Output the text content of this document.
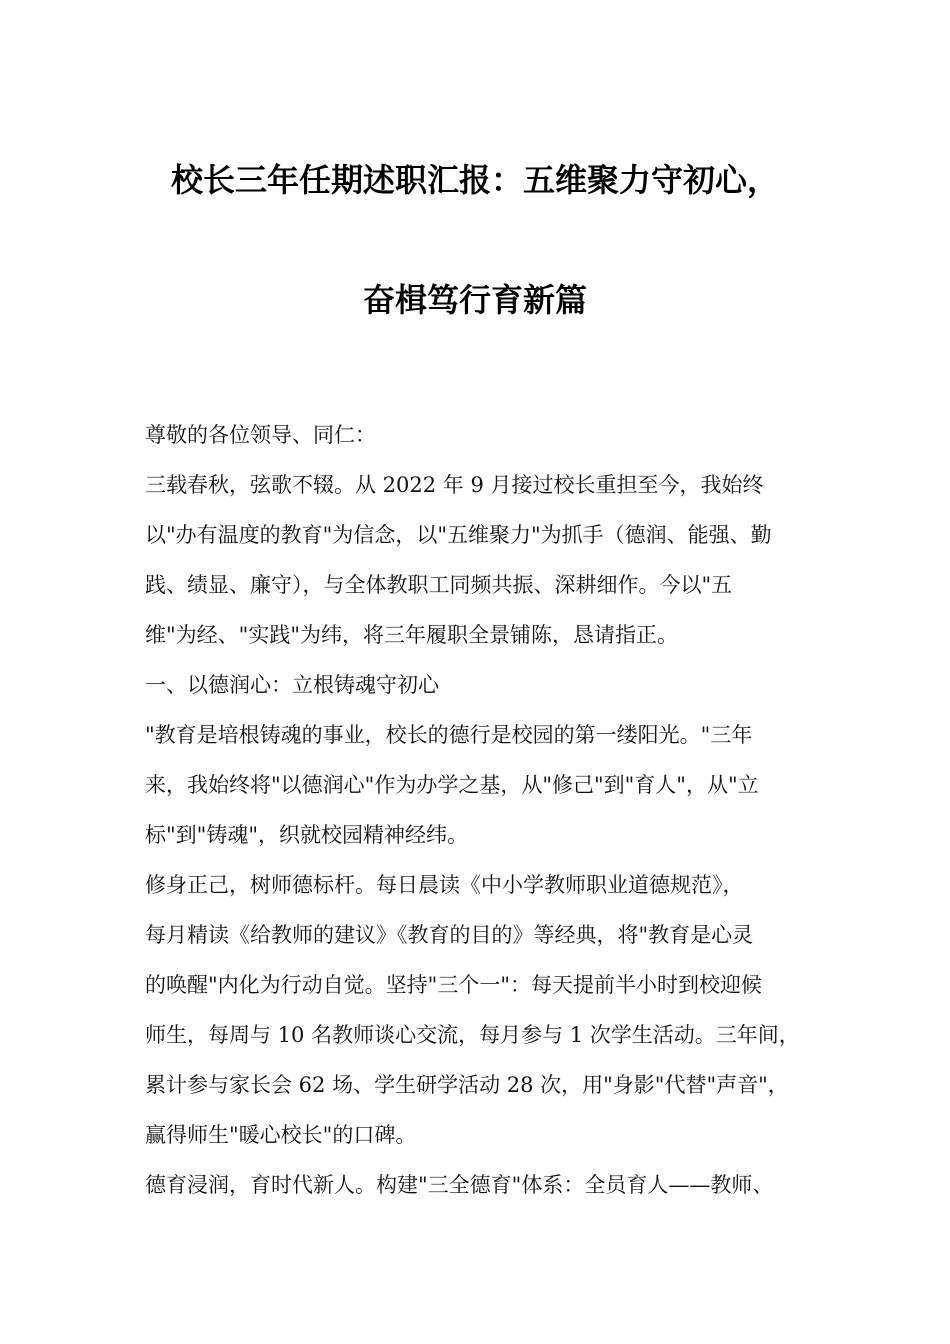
校长三年任期述职汇报：五维聚力守初心，
奋楫笃行育新篇
尊敬的各位领导、同仁：
三载春秋，弦歌不辍。从 2022 年 9 月接过校长重担至今，我始终
以"办有温度的教育"为信念，以"五维聚力"为抓手（德润、能强、勤
践、绩显、廉守），与全体教职工同频共振、深耕细作。今以"五
维"为经、"实践"为纬，将三年履职全景铺陈，恳请指正。
一、以德润心：立根铸魂守初心
"教育是培根铸魂的事业，校长的德行是校园的第一缕阳光。"三年
来，我始终将"以德润心"作为办学之基，从"修己"到"育人"，从"立
标"到"铸魂"，织就校园精神经纬。
修身正己，树师德标杆。每日晨读《中小学教师职业道德规范》，
每月精读《给教师的建议》《教育的目的》等经典，将"教育是心灵
的唤醒"内化为行动自觉。坚持"三个一"：每天提前半小时到校迎候
师生，每周与 10 名教师谈心交流，每月参与 1 次学生活动。三年间，
累计参与家长会 62 场、学生研学活动 28 次，用"身影"代替"声音"，
赢得师生"暖心校长"的口碑。
德育浸润，育时代新人。构建"三全德育"体系：全员育人——教师、
